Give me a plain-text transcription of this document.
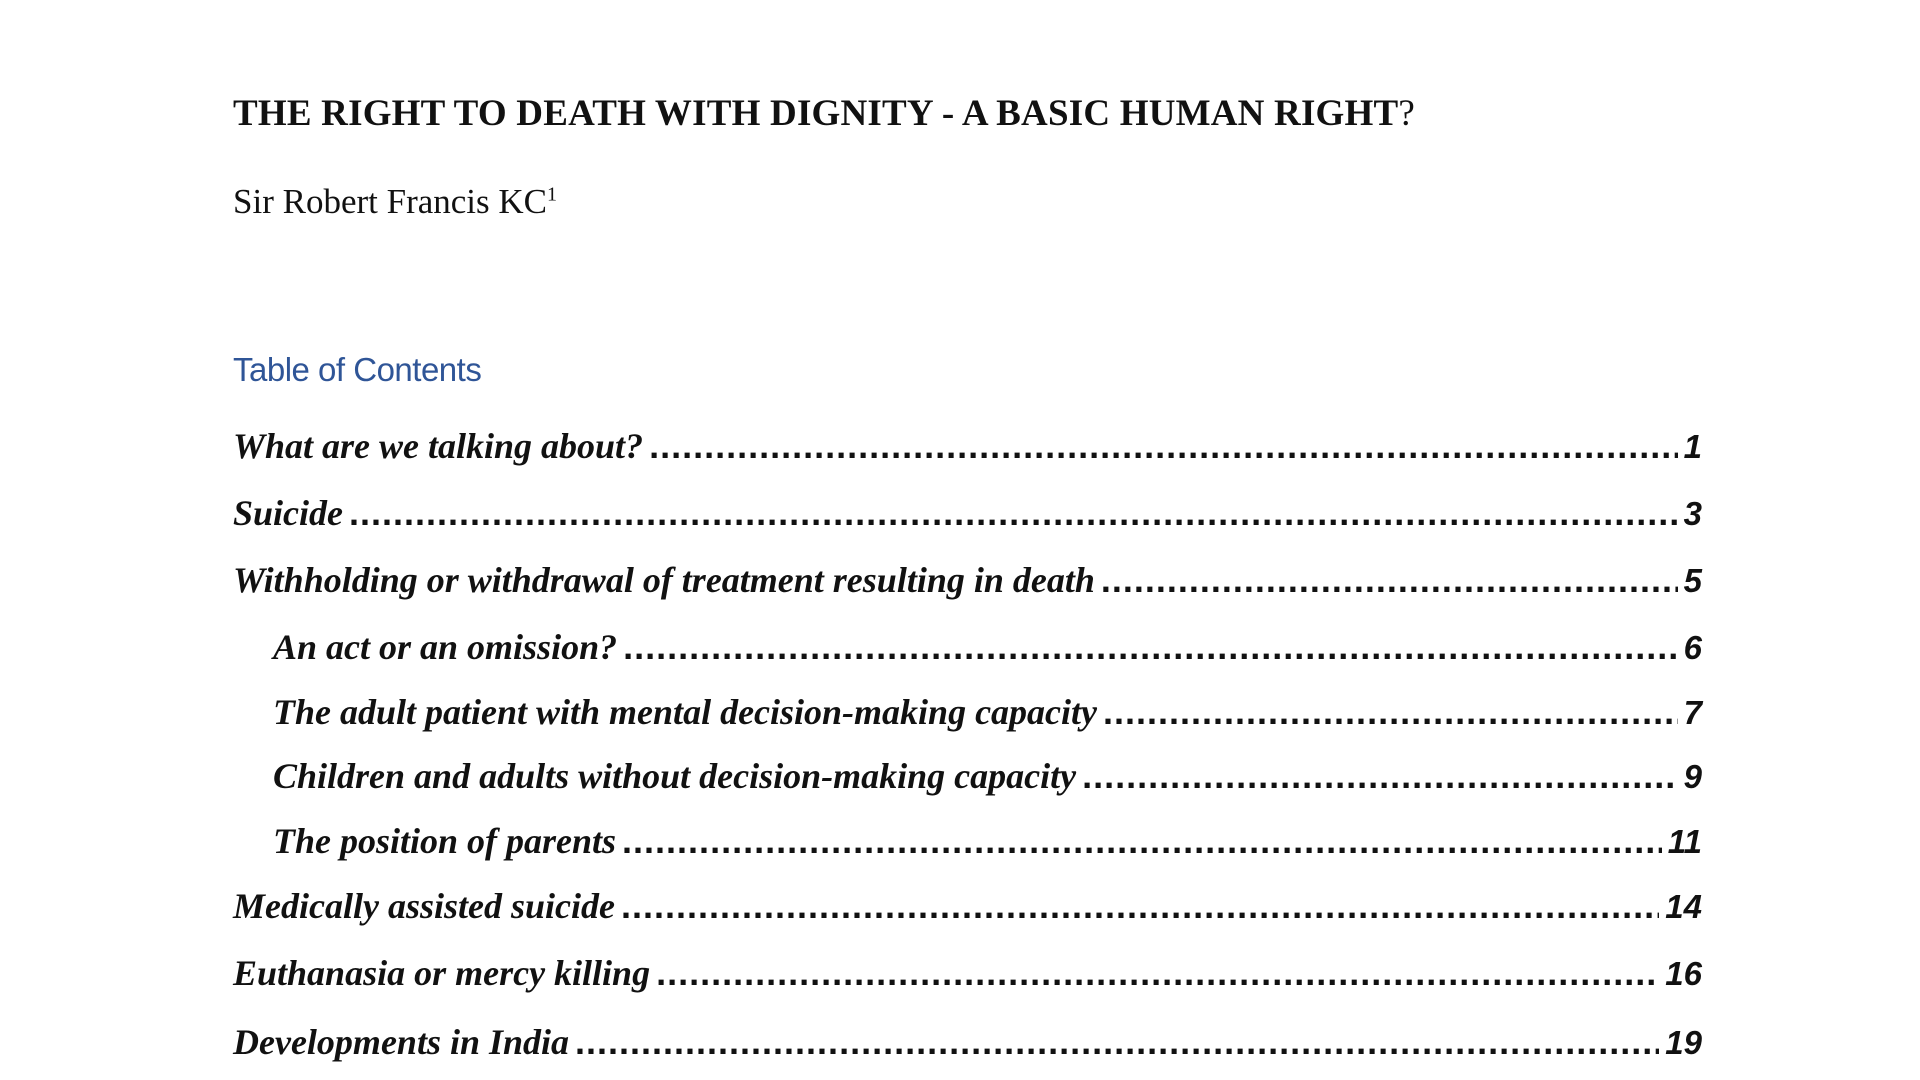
THE RIGHT TO DEATH WITH DIGNITY - A BASIC HUMAN RIGHT?
Sir Robert Francis $KC^1$
Table of Contents
What are we talking about? .....	1
Suicide .....	3
Withholding or withdrawal of treatment resulting in death .....	5
An act or an omission? .....	6
The adult patient with mental decision-making capacity .....	7
Children and adults without decision-making capacity .....	9
The position of parents .....	11
Medically assisted suicide .....	14
Euthanasia or mercy killing .....	16
Developments in India .....	19
